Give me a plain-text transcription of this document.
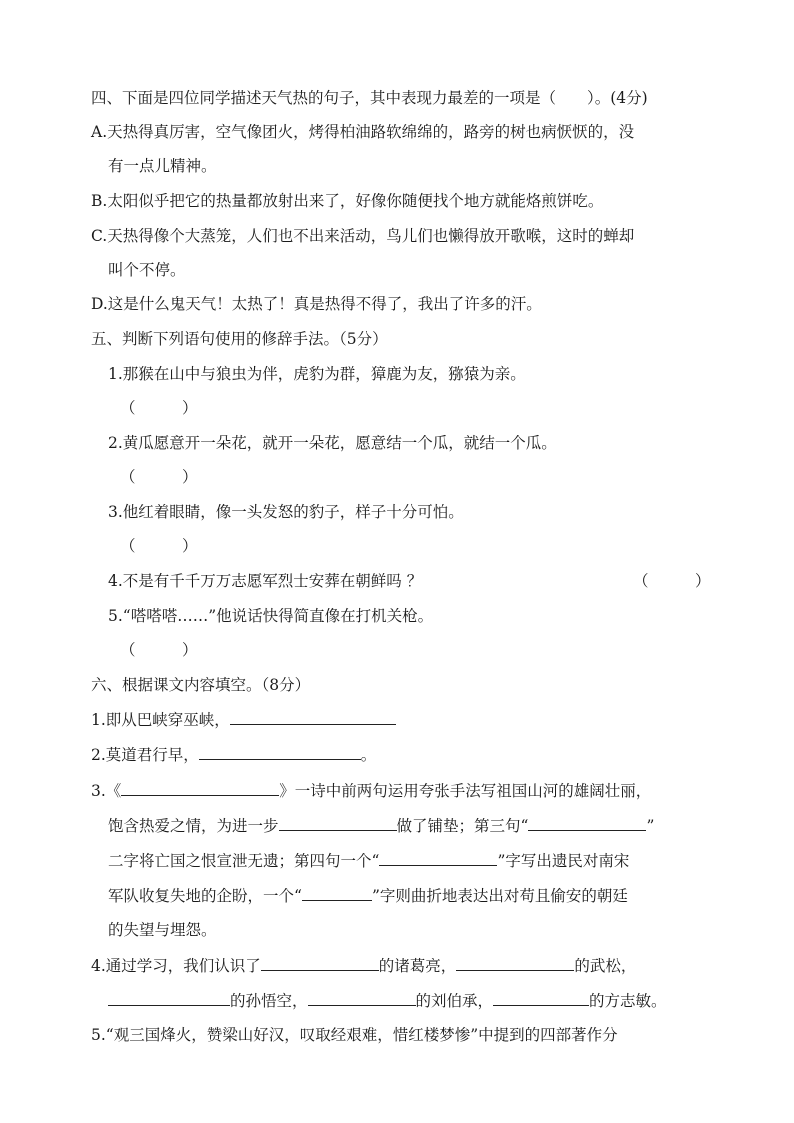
四、下面是四位同学描述天气热的句子，其中表现力最差的一项是（　　）。(4分)
A.天热得真厉害，空气像团火，烤得柏油路软绵绵的，路旁的树也病恹恹的，没
有一点儿精神。
B.太阳似乎把它的热量都放射出来了，好像你随便找个地方就能烙煎饼吃。
C.天热得像个大蒸笼，人们也不出来活动，鸟儿们也懒得放开歌喉，这时的蝉却
叫个不停。
D.这是什么鬼天气！太热了！真是热得不得了，我出了许多的汗。
五、判断下列语句使用的修辞手法。（5分）
1.那猴在山中与狼虫为伴，虎豹为群，獐鹿为友，猕猿为亲。
（　　　）
2.黄瓜愿意开一朵花，就开一朵花，愿意结一个瓜，就结一个瓜。
（　　　）
3.他红着眼睛，像一头发怒的豹子，样子十分可怕。
（　　　）
4.不是有千千万万志愿军烈士安葬在朝鲜吗 ？	（　　　）
5.“嗒嗒嗒……”他说话快得简直像在打机关枪。
（　　　）
六、根据课文内容填空。（8分）
1.即从巴峡穿巫峡，
2.莫道君行早，	。
3.《	》一诗中前两句运用夸张手法写祖国山河的雄阔壮丽，
饱含热爱之情，为进一步	做了铺垫；第三句“	”
二字将亡国之恨宣泄无遗；第四句一个“	”字写出遗民对南宋
军队收复失地的企盼，一个“	”字则曲折地表达出对苟且偷安的朝廷
的失望与埋怨。
4.通过学习，我们认识了	的诸葛亮，	的武松，
的孙悟空，	的刘伯承，	的方志敏。
5.“观三国烽火，赞梁山好汉，叹取经艰难，惜红楼梦惨”中提到的四部著作分
